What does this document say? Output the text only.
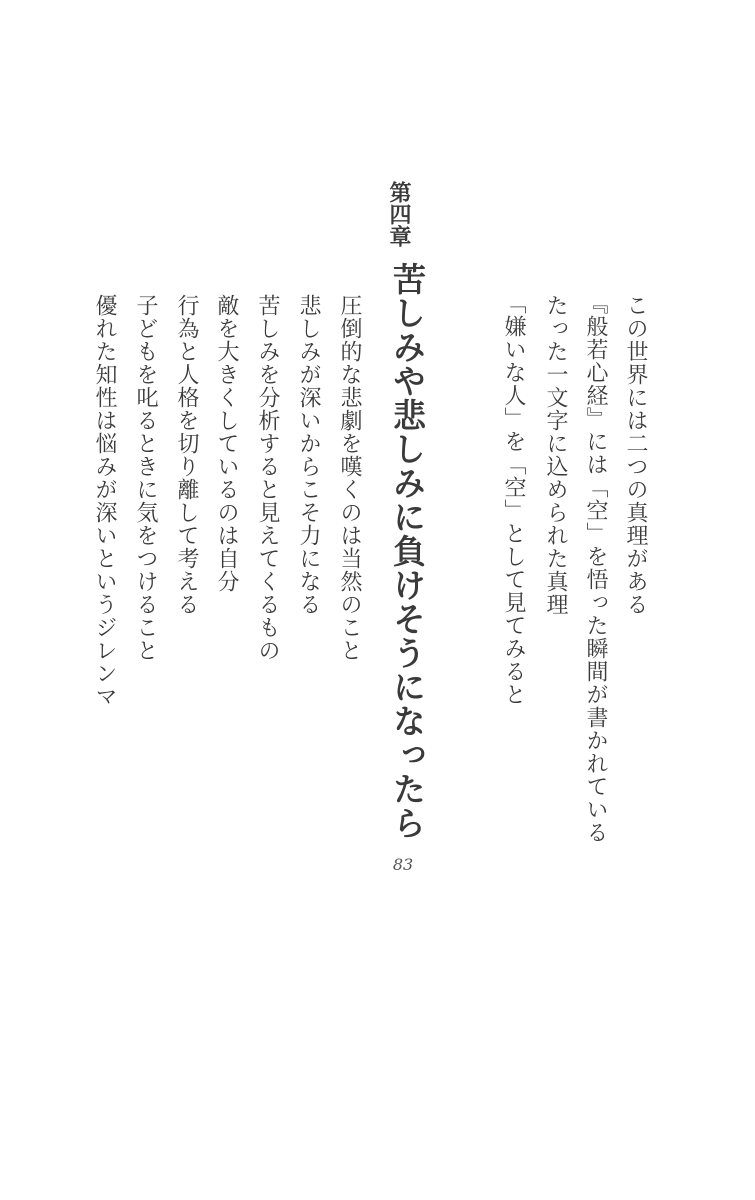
この世界には二つの真理がある
『般若心経』には「空」を悟った瞬間が書かれている
たった一文字に込められた真理
「嫌いな人」を「空」として見てみると
第四章
苦しみや悲しみに負けそうになったら
圧倒的な悲劇を嘆くのは当然のこと
悲しみが深いからこそ力になる
苦しみを分析すると見えてくるもの
敵を大きくしているのは自分
行為と人格を切り離して考える
子どもを叱るときに気をつけること
優れた知性は悩みが深いというジレンマ
83
